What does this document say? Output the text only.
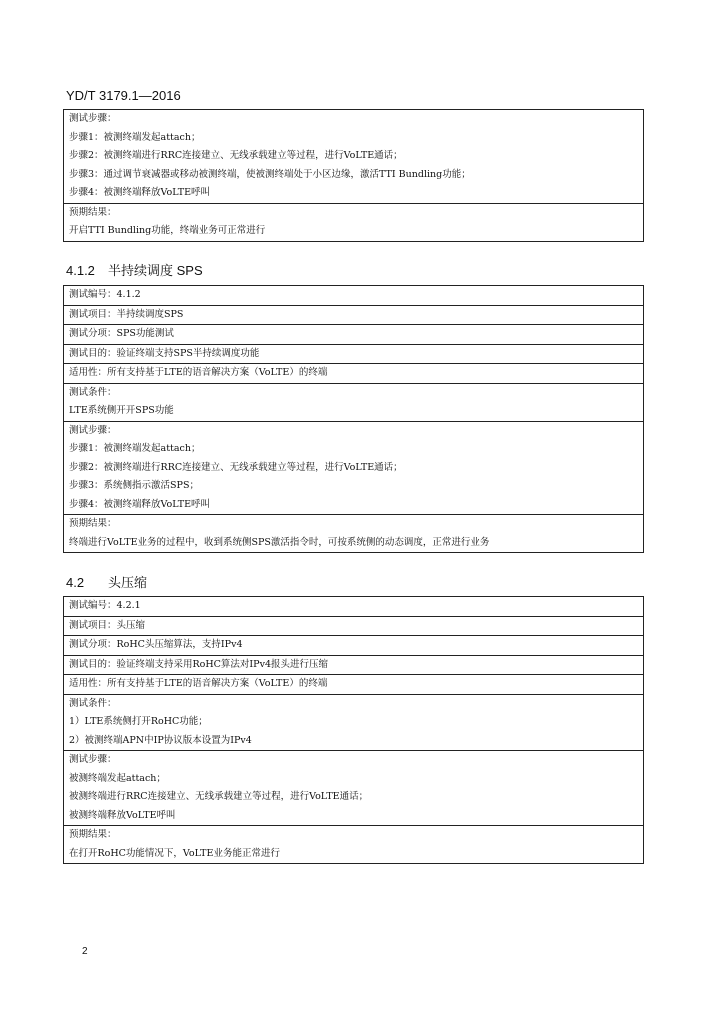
YD/T 3179.1—2016
测试步骤：
步骤1：被测终端发起attach；
步骤2：被测终端进行RRC连接建立、无线承载建立等过程，进行VoLTE通话；
步骤3：通过调节衰减器或移动被测终端，使被测终端处于小区边缘，激活TTI Bundling功能；
步骤4：被测终端释放VoLTE呼叫

预期结果：
开启TTI Bundling功能，终端业务可正常进行
4.1.2 半持续调度 SPS
测试编号：4.1.2
测试项目：半持续调度SPS
测试分项：SPS功能测试
测试目的：验证终端支持SPS半持续调度功能
适用性：所有支持基于LTE的语音解决方案（VoLTE）的终端

测试条件：
LTE系统侧开开SPS功能

测试步骤：
步骤1：被测终端发起attach；
步骤2：被测终端进行RRC连接建立、无线承载建立等过程，进行VoLTE通话；
步骤3：系统侧指示激活SPS；
步骤4：被测终端释放VoLTE呼叫

预期结果：
终端进行VoLTE业务的过程中，收到系统侧SPS激活指令时，可按系统侧的动态调度，正常进行业务
4.2 头压缩
测试编号：4.2.1
测试项目：头压缩
测试分项：RoHC头压缩算法，支持IPv4
测试目的：验证终端支持采用RoHC算法对IPv4报头进行压缩
适用性：所有支持基于LTE的语音解决方案（VoLTE）的终端

测试条件：
1）LTE系统侧打开RoHC功能；
2）被测终端APN中IP协议版本设置为IPv4

测试步骤：
被测终端发起attach；
被测终端进行RRC连接建立、无线承载建立等过程，进行VoLTE通话；
被测终端释放VoLTE呼叫

预期结果：
在打开RoHC功能情况下，VoLTE业务能正常进行
2
